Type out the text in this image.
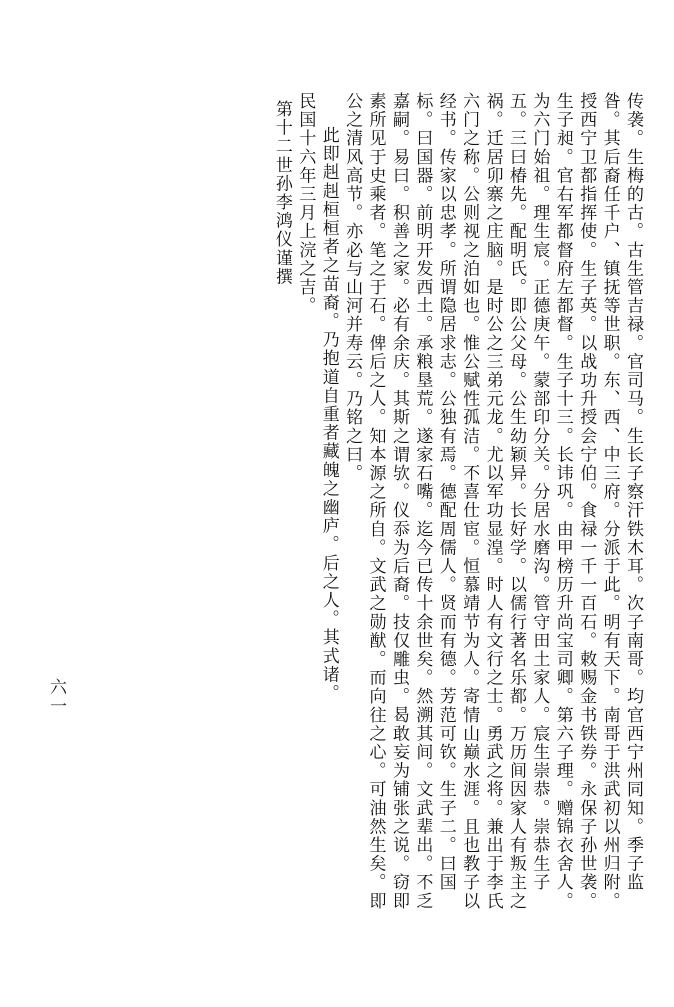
传袭。生梅的古。古生管吉禄。官司马。生长子察汗铁木耳。次子南哥。均官西宁州同知。季子监昝。其后裔任千户、镇抚等世职。东、西、中三府。分派于此。明有天下。南哥于洪武初以州归附。授西宁卫都指挥使。生子英。以战功升授会宁伯。食禄一千一百石。敕赐金书铁券。永保子孙世袭。生子昶。官右军都督府左都督。生子十三。长讳巩。由甲榜历升尚宝司卿。第六子理。赠锦衣舍人。为六门始祖。理生宸。正德庚午。蒙部印分关。分居水磨沟。管守田土家人。宸生崇恭。崇恭生子五。三曰椿先。配明氏。即公父母。公生幼颖异。长好学。以儒行著名乐都。万历间因家人有叛主之祸。迁居卯寨之庄脑。是时公之三弟元龙。尤以军功显湟。时人有文行之士。勇武之将。兼出于李氏六门之称。公则视之泊如也。惟公赋性孤洁。不喜仕宦。恒慕靖节为人。寄情山巅水涯。且也教子以经书。传家以忠孝。所谓隐居求志。公独有焉。德配周儒人。贤而有德。芳范可钦。生子二。曰国标。曰国器。前明开发西土。承粮垦荒。遂家石嘴。迄今已传十余世矣。然溯其间。文武辈出。不乏嘉嗣。易曰。积善之家。必有余庆。其斯之谓欤。仪忝为后裔。技仅雕虫。曷敢妄为铺张之说。窃即素所见于史乘者。笔之于石。俾后之人。知本源之所自。文武之勋猷。而向往之心。可油然生矣。即公之清风高节。亦必与山河并寿云。乃铭之曰。

此即赳赳桓桓者之苗裔。乃抱道自重者藏魄之幽庐。后之人。其式诸。

民国十六年三月上浣之吉。

第十二世孙李鸿仪谨撰

六一
